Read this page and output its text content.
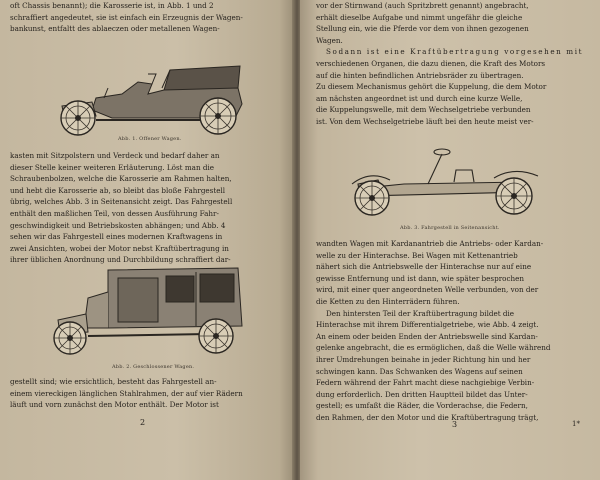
oft Chassis benannt); die Karosserie ist, in Abb. 1 und 2

schraffiert angedeutet, sie ist einfach ein Erzeugnis der Wagen-

bankunst, entfaltt des ablaeczen oder metallenen Wagen-

Abb. 1. Offener Wagen.

kasten mit Sitzpolstern und Verdeck und bedarf daher an

dieser Stelle keiner weiteren Erläuterung. Löst man die

Schraubenbolzen, welche die Karosserie am Rahmen halten,

und hebt die Karosserie ab, so bleibt das bloße Fahrgestell

übrig, welches Abb. 3 in Seitenansicht zeigt. Das Fahrgestell

enthält den maßlichen Teil, von dessen Ausführung Fahr-

geschwindigkeit und Betriebskosten abhängen; und Abb. 4

sehen wir das Fahrgestell eines modernen Kraftwagens in

zwei Ansichten, wobei der Motor nebst Kraftübertragung in

ihrer üblichen Anordnung und Durchbildung schraffiert dar-

Abb. 2. Geschlossener Wagen.

gestellt sind; wie ersichtlich, besteht das Fahrgestell an-

einem viereckigen länglichen Stahlrahmen, der auf vier Rädern

läuft und vorn zunächst den Motor enthält. Der Motor ist

2

vor der Stirnwand (auch Spritzbrett genannt) angebracht,

erhält dieselbe Aufgabe und nimmt ungefähr die gleiche

Stellung ein, wie die Pferde vor dem von ihnen gezogenen

Wagen.

Sodann ist eine Kraftübertragung vorgesehen mit

verschiedenen Organen, die dazu dienen, die Kraft des Motors

auf die hinten befindlichen Antriebsräder zu übertragen.

Zu diesem Mechanismus gehört die Kuppelung, die dem Motor

am nächsten angeordnet ist und durch eine kurze Welle,

die Kuppelungswelle, mit dem Wechselgetriebe verbunden

ist. Von dem Wechselgetriebe läuft bei den heute meist ver-

Abb. 3. Fahrgestell in Seitenansicht.

wandten Wagen mit Kardanantrieb die Antriebs- oder Kardan-

welle zu der Hinterachse. Bei Wagen mit Kettenantrieb

nähert sich die Antriebswelle der Hinterachse nur auf eine

gewisse Entfernung und ist dann, wie später besprochen

wird, mit einer quer angeordneten Welle verbunden, von der

die Ketten zu den Hinterrädern führen.

Den hintersten Teil der Kraftübertragung bildet die

Hinterachse mit ihrem Differentialgetriebe, wie Abb. 4 zeigt.

An einem oder beiden Enden der Antriebswelle sind Kardan-

gelenke angebracht, die es ermöglichen, daß die Welle während

ihrer Umdrehungen beinahe in jeder Richtung hin und her

schwingen kann. Das Schwanken des Wagens auf seinen

Federn während der Fahrt macht diese nachgiebige Verbin-

dung erforderlich. Den dritten Hauptteil bildet das Unter-

gestell; es umfaßt die Räder, die Vorderachse, die Federn,

den Rahmen, der den Motor und die Kraftübertragung trägt,

3	1*
